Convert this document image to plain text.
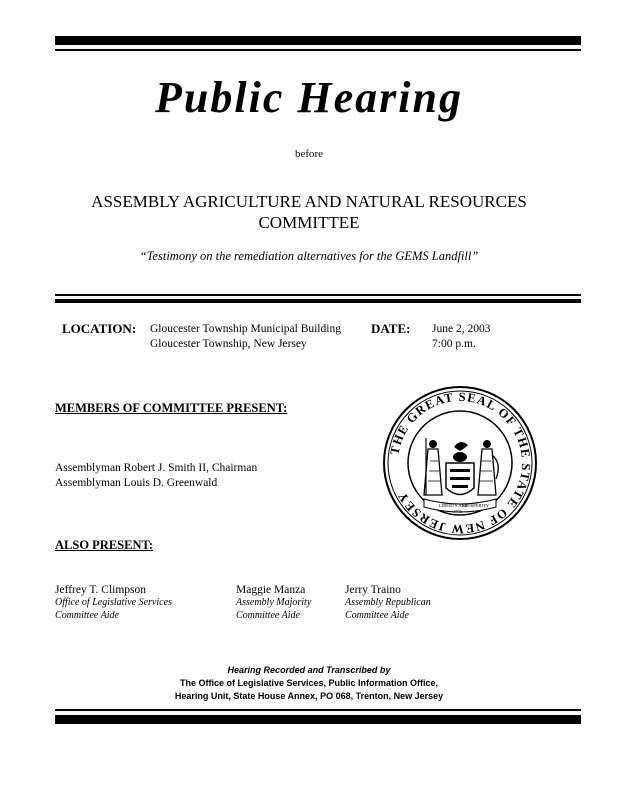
Public Hearing
before
ASSEMBLY AGRICULTURE AND NATURAL RESOURCES
COMMITTEE
“Testimony on the remediation alternatives for the GEMS Landfill”
LOCATION: Gloucester Township Municipal Building
Gloucester Township, New Jersey
DATE: June 2, 2003
7:00 p.m.
MEMBERS OF COMMITTEE PRESENT:
Assemblyman Robert J. Smith II, Chairman
Assemblyman Louis D. Greenwald
THE GREAT SEAL OF THE STATE OF NEW JERSEY
LIBERTY AND
PROSPERITY
1776
ALSO PRESENT:
Jeffrey T. Climpson
Office of Legislative Services
Committee Aide
Maggie Manza
Assembly Majority
Committee Aide
Jerry Traino
Assembly Republican
Committee Aide
Hearing Recorded and Transcribed by
The Office of Legislative Services, Public Information Office,
Hearing Unit, State House Annex, PO 068, Trenton, New Jersey
